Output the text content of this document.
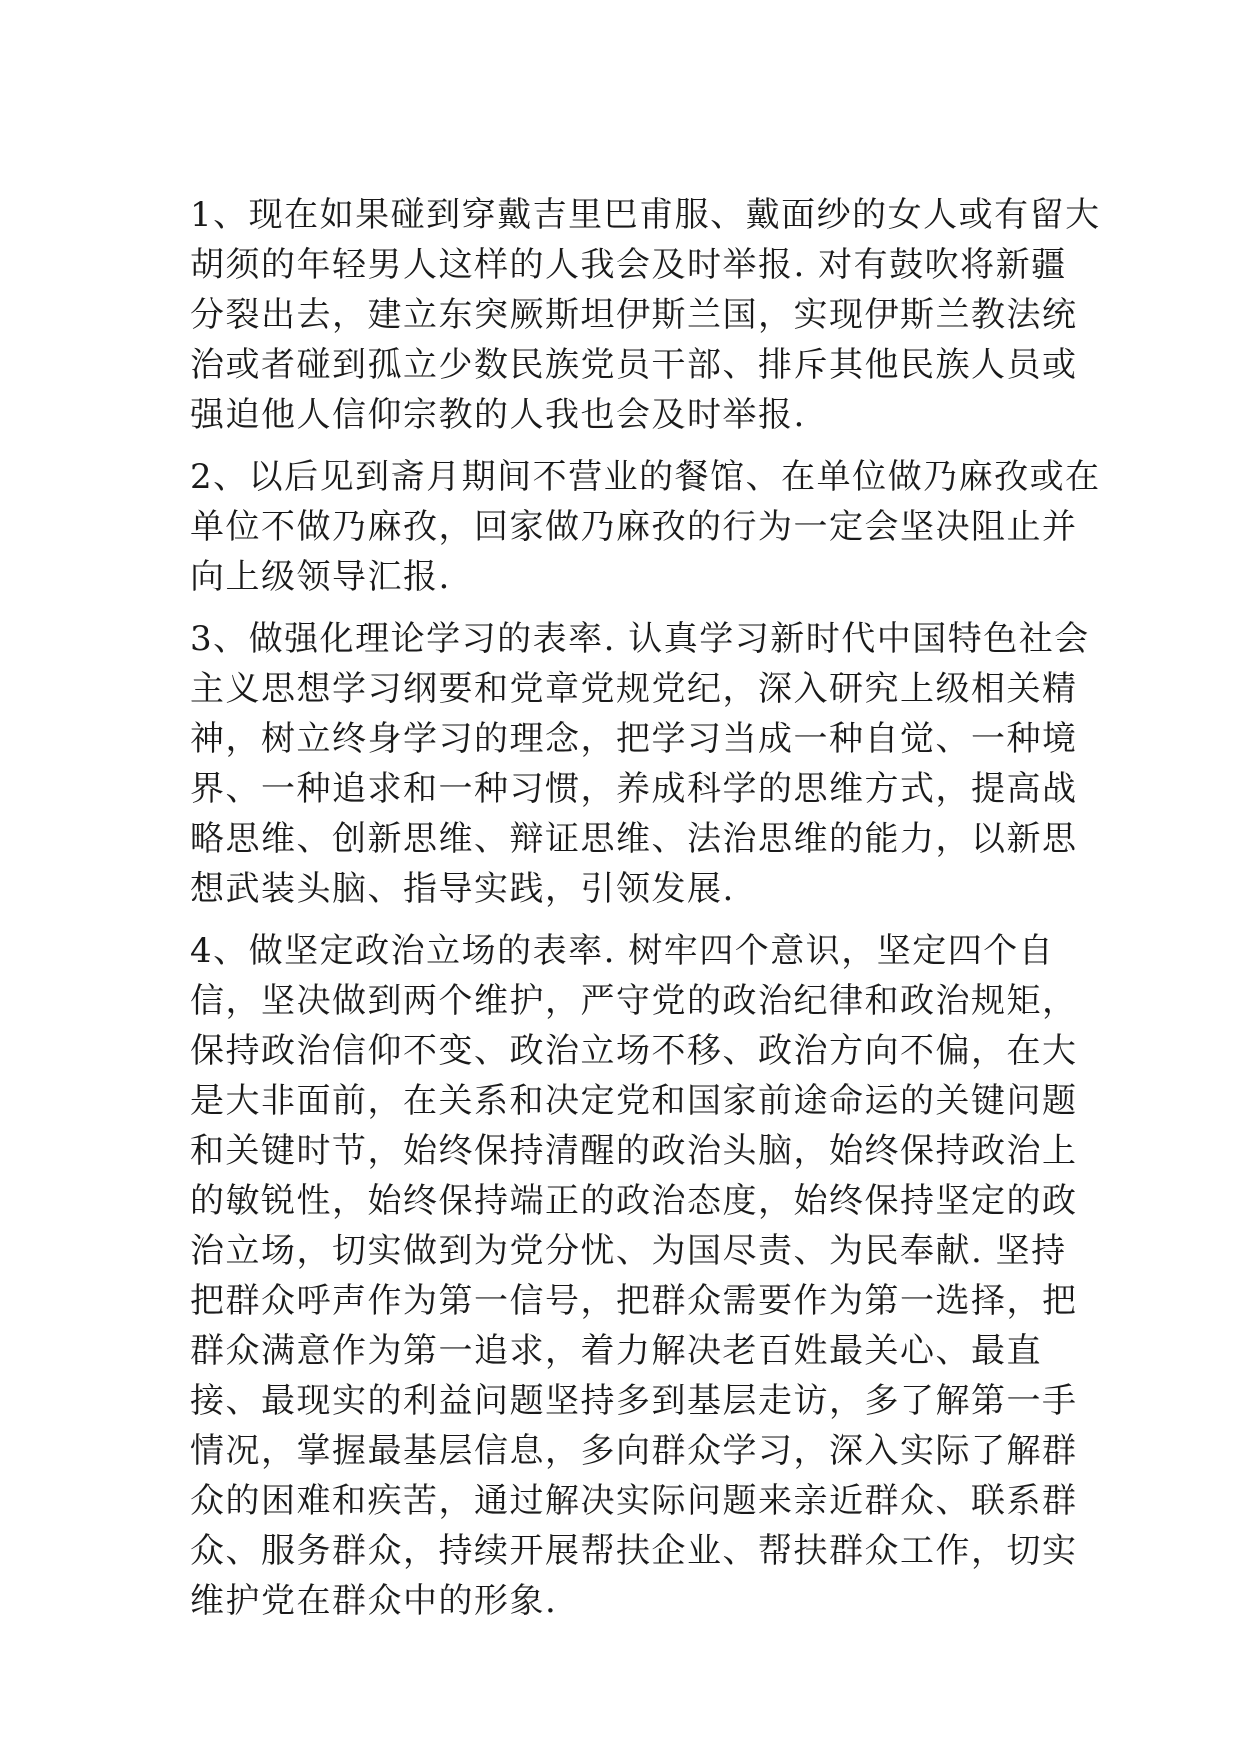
1、现在如果碰到穿戴吉里巴甫服、戴面纱的女人或有留大
胡须的年轻男人这样的人我会及时举报. 对有鼓吹将新疆
分裂出去，建立东突厥斯坦伊斯兰国，实现伊斯兰教法统
治或者碰到孤立少数民族党员干部、排斥其他民族人员或
强迫他人信仰宗教的人我也会及时举报.
2、以后见到斋月期间不营业的餐馆、在单位做乃麻孜或在
单位不做乃麻孜，回家做乃麻孜的行为一定会坚决阻止并
向上级领导汇报.
3、做强化理论学习的表率. 认真学习新时代中国特色社会
主义思想学习纲要和党章党规党纪，深入研究上级相关精
神，树立终身学习的理念，把学习当成一种自觉、一种境
界、一种追求和一种习惯，养成科学的思维方式，提高战
略思维、创新思维、辩证思维、法治思维的能力，以新思
想武装头脑、指导实践，引领发展.
4、做坚定政治立场的表率. 树牢四个意识，坚定四个自
信，坚决做到两个维护，严守党的政治纪律和政治规矩，
保持政治信仰不变、政治立场不移、政治方向不偏，在大
是大非面前，在关系和决定党和国家前途命运的关键问题
和关键时节，始终保持清醒的政治头脑，始终保持政治上
的敏锐性，始终保持端正的政治态度，始终保持坚定的政
治立场，切实做到为党分忧、为国尽责、为民奉献. 坚持
把群众呼声作为第一信号，把群众需要作为第一选择，把
群众满意作为第一追求，着力解决老百姓最关心、最直
接、最现实的利益问题坚持多到基层走访，多了解第一手
情况，掌握最基层信息，多向群众学习，深入实际了解群
众的困难和疾苦，通过解决实际问题来亲近群众、联系群
众、服务群众，持续开展帮扶企业、帮扶群众工作，切实
维护党在群众中的形象.
